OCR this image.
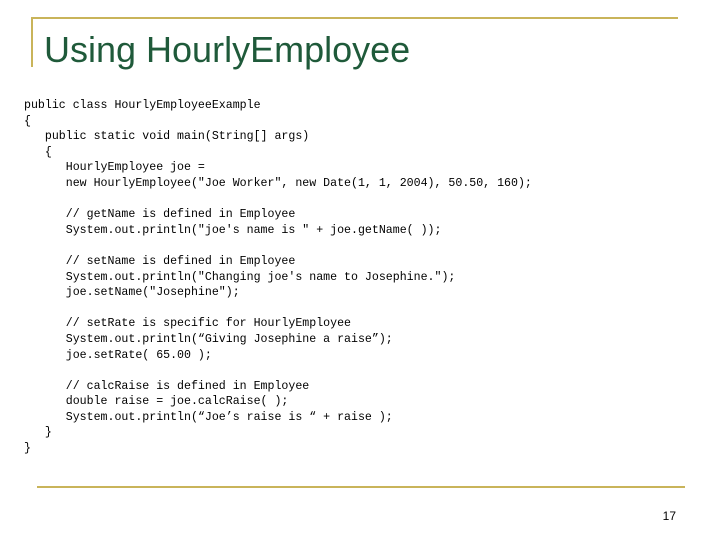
Using HourlyEmployee
public class HourlyEmployeeExample
{
public static void main(String[] args)
{
HourlyEmployee joe =
new HourlyEmployee("Joe Worker", new Date(1, 1, 2004), 50.50, 160);

// getName is defined in Employee
System.out.println("joe's name is " + joe.getName( ));

// setName is defined in Employee
System.out.println("Changing joe's name to Josephine.");
joe.setName("Josephine");

// setRate is specific for HourlyEmployee
System.out.println(“Giving Josephine a raise”);
joe.setRate( 65.00 );

// calcRaise is defined in Employee
double raise = joe.calcRaise( );
System.out.println(“Joe’s raise is “ + raise );
}
}
17
